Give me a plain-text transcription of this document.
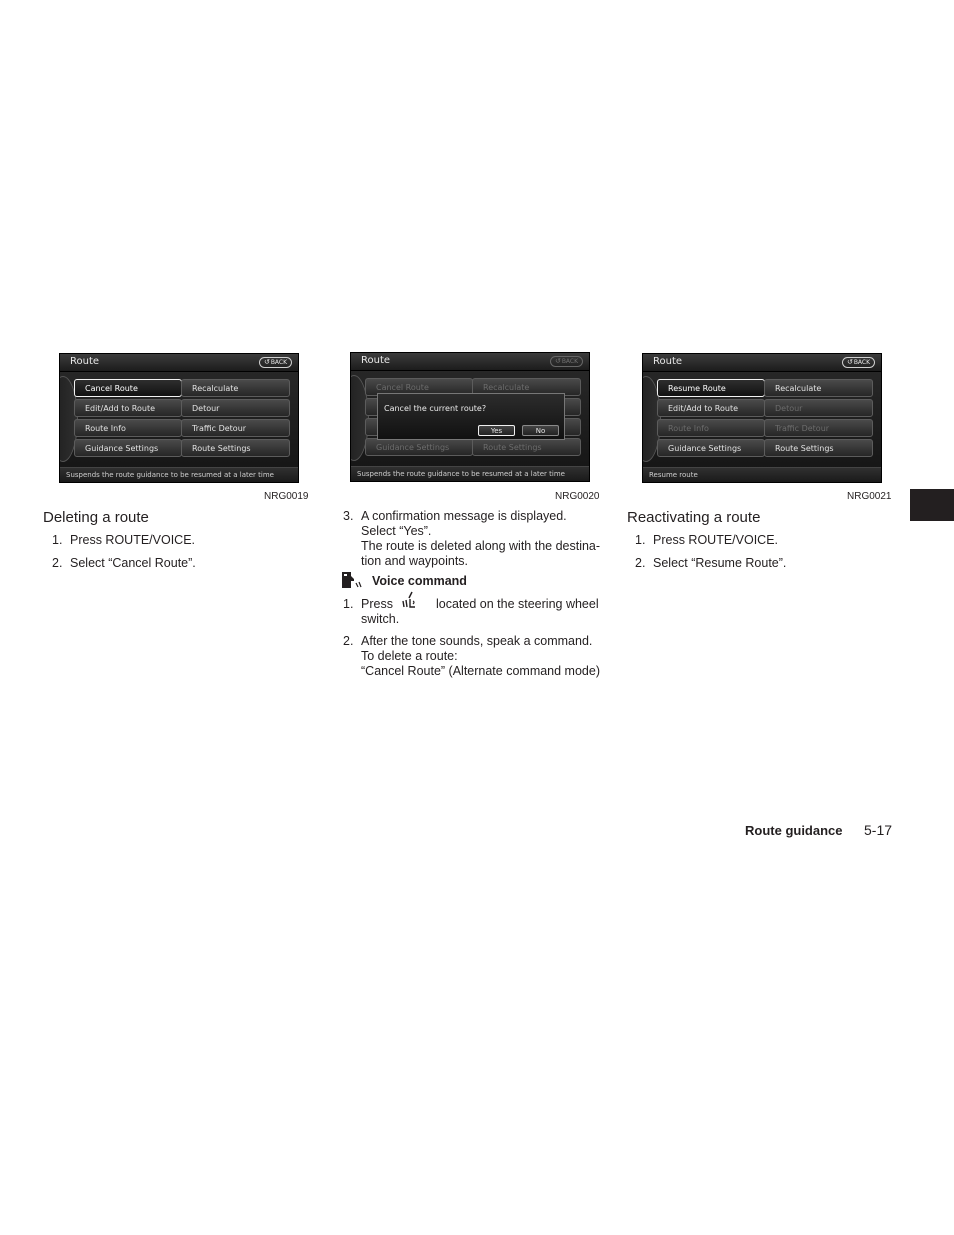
Route	↺BACK
Cancel Route
Edit/Add to Route
Route Info
Guidance Settings
Recalculate
Detour
Traffic Detour
Route Settings
Suspends the route guidance to be resumed at a later time
NRG0019
Route	↺BACK
Cancel Route
Guidance Settings
Recalculate
Route Settings
Cancel the current route?
Yes	No
Suspends the route guidance to be resumed at a later time
NRG0020
Route	↺BACK
Resume Route
Edit/Add to Route
Route Info
Guidance Settings
Recalculate
Detour
Traffic Detour
Route Settings
Resume route
NRG0021
Deleting a route
1. Press ROUTE/VOICE.
2. Select “Cancel Route”.
3. A confirmation message is displayed.
Select “Yes”.
The route is deleted along with the destina-
tion and waypoints.
Voice command
1. Press	located on the steering wheel
switch.
2. After the tone sounds, speak a command.
To delete a route:
“Cancel Route” (Alternate command mode)
Reactivating a route
1. Press ROUTE/VOICE.
2. Select “Resume Route”.
Route guidance 5-17
